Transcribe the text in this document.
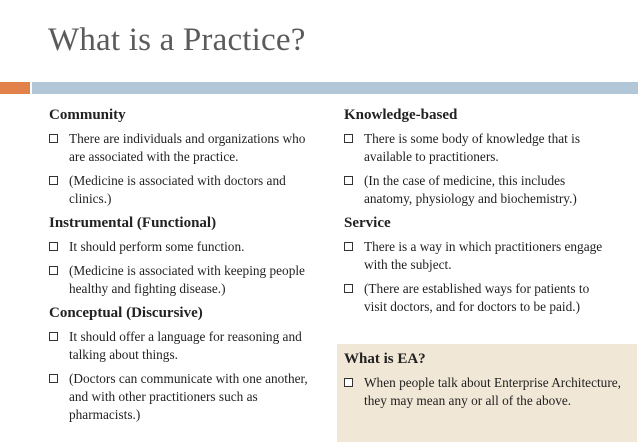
What is a Practice?
Community
There are individuals and organizations who are associated with the practice.
(Medicine is associated with doctors and clinics.)
Instrumental (Functional)
It should perform some function.
(Medicine is associated with keeping people healthy and fighting disease.)
Conceptual (Discursive)
It should offer a language for reasoning and talking about things.
(Doctors can communicate with one another, and with other practitioners such as pharmacists.)
Knowledge-based
There is some body of knowledge that is available to practitioners.
(In the case of medicine, this includes anatomy, physiology and biochemistry.)
Service
There is a way in which practitioners engage with the subject.
(There are established ways for patients to visit doctors, and for doctors to be paid.)
What is EA?
When people talk about Enterprise Architecture, they may mean any or all of the above.
